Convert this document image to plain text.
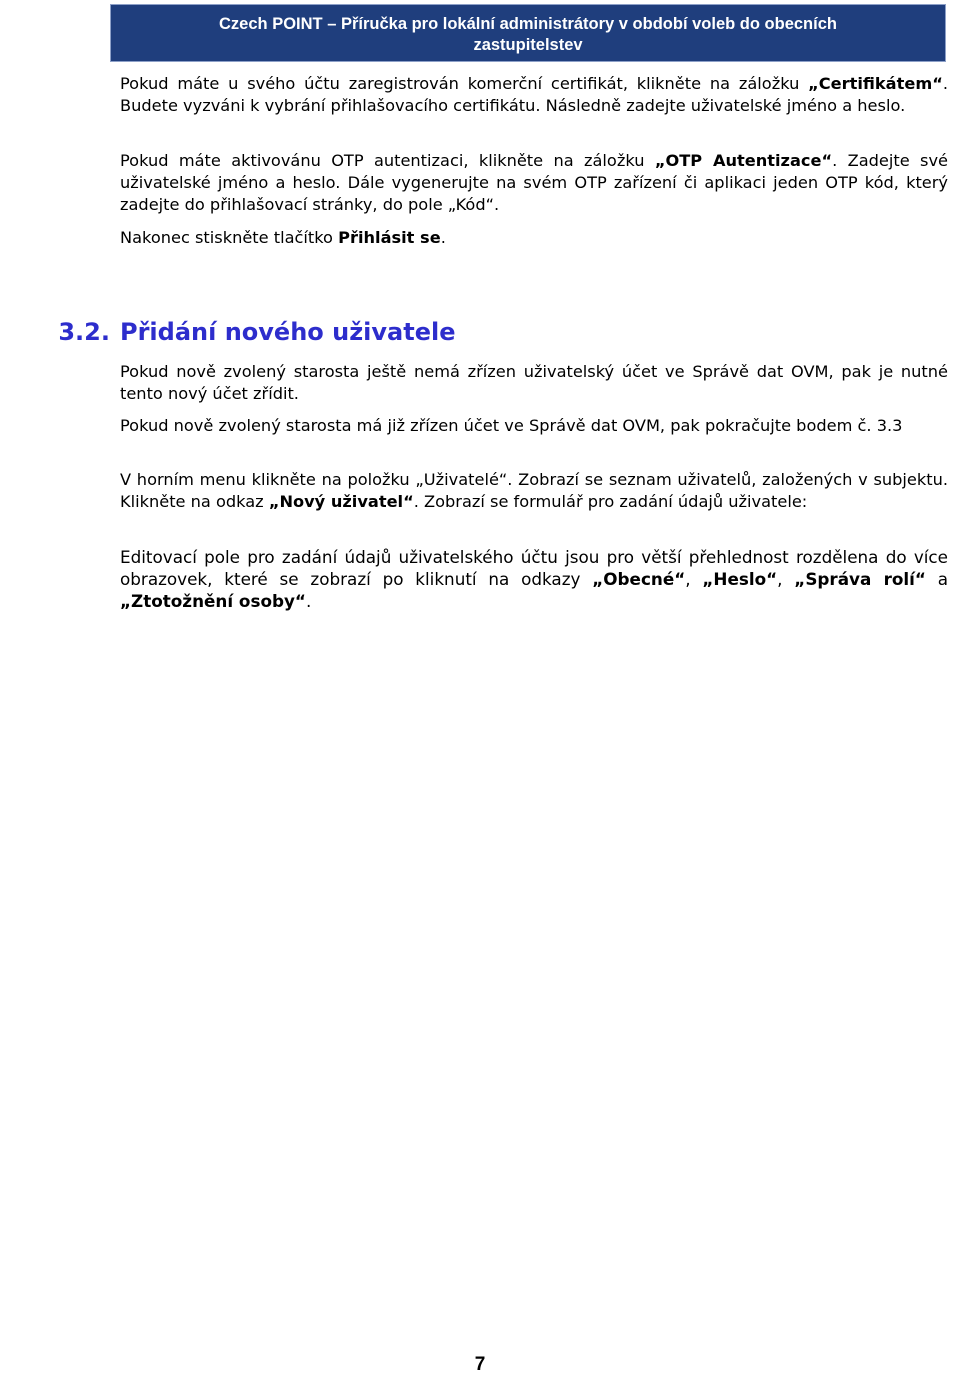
Czech POINT – Příručka pro lokální administrátory v období voleb do obecních
zastupitelstev

Pokud máte u svého účtu zaregistrován komerční certifikát, klikněte na záložku „Certifikátem“. Budete vyzváni k vybrání přihlašovacího certifikátu. Následně zadejte uživatelské jméno a heslo.

Pokud máte aktivovánu OTP autentizaci, klikněte na záložku „OTP Autentizace“. Zadejte své uživatelské jméno a heslo. Dále vygenerujte na svém OTP zařízení či aplikaci jeden OTP kód, který zadejte do přihlašovací stránky, do pole „Kód“.

Nakonec stiskněte tlačítko Přihlásit se.

3.2. Přidání nového uživatele

Pokud nově zvolený starosta ještě nemá zřízen uživatelský účet ve Správě dat OVM, pak je nutné tento nový účet zřídit.

Pokud nově zvolený starosta má již zřízen účet ve Správě dat OVM, pak pokračujte bodem č. 3.3

V horním menu klikněte na položku „Uživatelé“. Zobrazí se seznam uživatelů, založených v subjektu. Klikněte na odkaz „Nový uživatel“. Zobrazí se formulář pro zadání údajů uživatele:

Editovací pole pro zadání údajů uživatelského účtu jsou pro větší přehlednost rozdělena do více obrazovek, které se zobrazí po kliknutí na odkazy „Obecné“, „Heslo“, „Správa rolí“ a „Ztotožnění osoby“.

7
